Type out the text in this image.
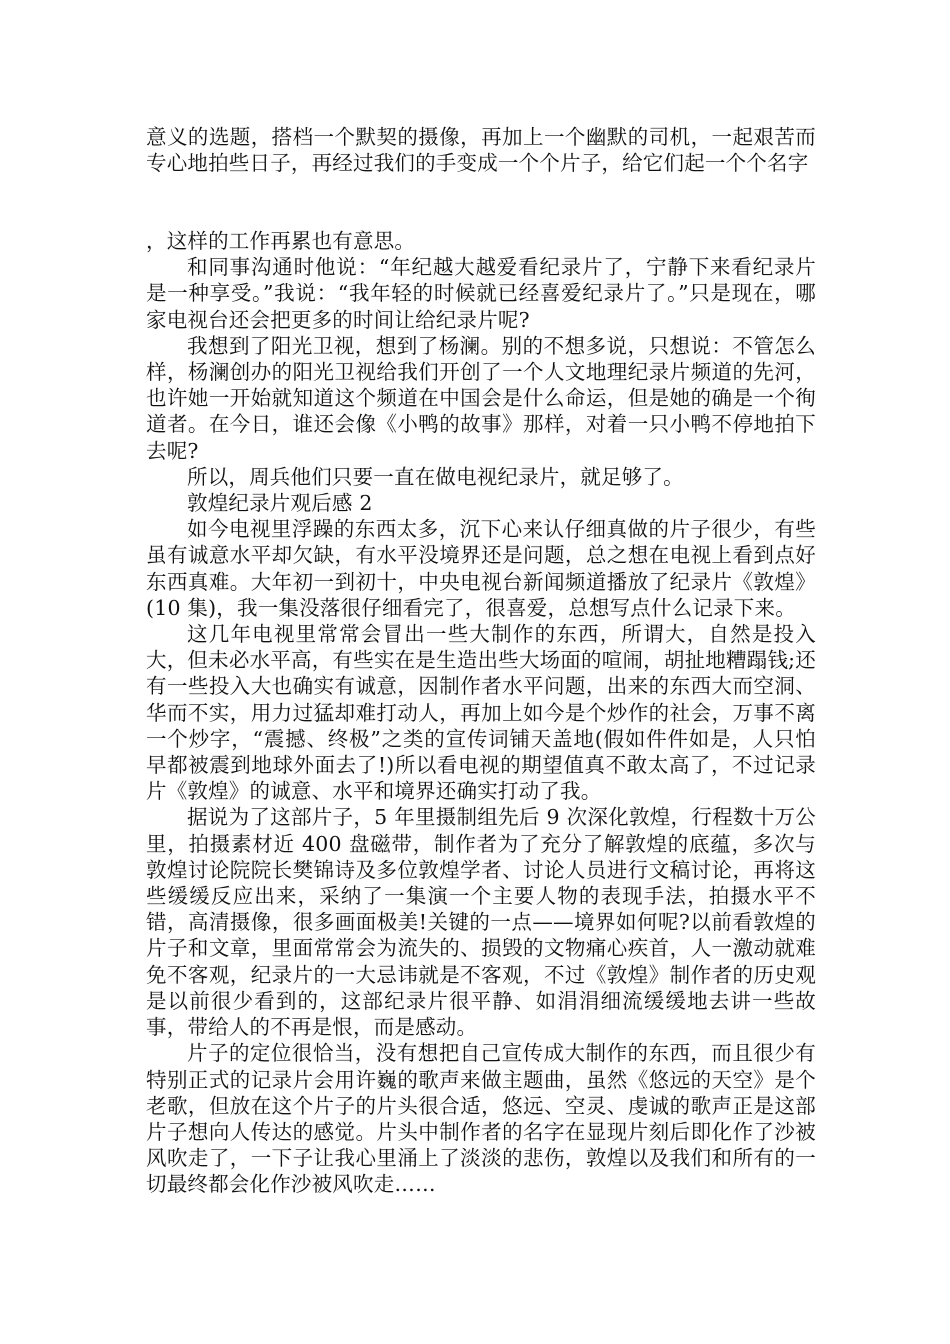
意义的选题，搭档一个默契的摄像，再加上一个幽默的司机，一起艰苦而专心地拍些日子，再经过我们的手变成一个个片子，给它们起一个个名字

，这样的工作再累也有意思。

和同事沟通时他说：“年纪越大越爱看纪录片了，宁静下来看纪录片是一种享受。”我说：“我年轻的时候就已经喜爱纪录片了。”只是现在，哪家电视台还会把更多的时间让给纪录片呢?

我想到了阳光卫视，想到了杨澜。别的不想多说，只想说：不管怎么样，杨澜创办的阳光卫视给我们开创了一个人文地理纪录片频道的先河，也许她一开始就知道这个频道在中国会是什么命运，但是她的确是一个徇道者。在今日，谁还会像《小鸭的故事》那样，对着一只小鸭不停地拍下去呢?

所以，周兵他们只要一直在做电视纪录片，就足够了。

敦煌纪录片观后感 2

如今电视里浮躁的东西太多，沉下心来认仔细真做的片子很少，有些虽有诚意水平却欠缺，有水平没境界还是问题，总之想在电视上看到点好东西真难。大年初一到初十，中央电视台新闻频道播放了纪录片《敦煌》(10 集)，我一集没落很仔细看完了，很喜爱，总想写点什么记录下来。

这几年电视里常常会冒出一些大制作的东西，所谓大，自然是投入大，但未必水平高，有些实在是生造出些大场面的喧闹，胡扯地糟蹋钱;还有一些投入大也确实有诚意，因制作者水平问题，出来的东西大而空洞、华而不实，用力过猛却难打动人，再加上如今是个炒作的社会，万事不离一个炒字，“震撼、终极”之类的宣传词铺天盖地(假如件件如是，人只怕早都被震到地球外面去了!)所以看电视的期望值真不敢太高了，不过记录片《敦煌》的诚意、水平和境界还确实打动了我。

据说为了这部片子，5 年里摄制组先后 9 次深化敦煌，行程数十万公里，拍摄素材近 400 盘磁带，制作者为了充分了解敦煌的底蕴，多次与敦煌讨论院院长樊锦诗及多位敦煌学者、讨论人员进行文稿讨论，再将这些缓缓反应出来，采纳了一集演一个主要人物的表现手法，拍摄水平不错，高清摄像，很多画面极美!关键的一点——境界如何呢?以前看敦煌的片子和文章，里面常常会为流失的、损毁的文物痛心疾首，人一激动就难免不客观，纪录片的一大忌讳就是不客观，不过《敦煌》制作者的历史观是以前很少看到的，这部纪录片很平静、如涓涓细流缓缓地去讲一些故事，带给人的不再是恨，而是感动。

片子的定位很恰当，没有想把自己宣传成大制作的东西，而且很少有特别正式的记录片会用许巍的歌声来做主题曲，虽然《悠远的天空》是个老歌，但放在这个片子的片头很合适，悠远、空灵、虔诚的歌声正是这部片子想向人传达的感觉。片头中制作者的名字在显现片刻后即化作了沙被风吹走了，一下子让我心里涌上了淡淡的悲伤，敦煌以及我们和所有的一切最终都会化作沙被风吹走……
